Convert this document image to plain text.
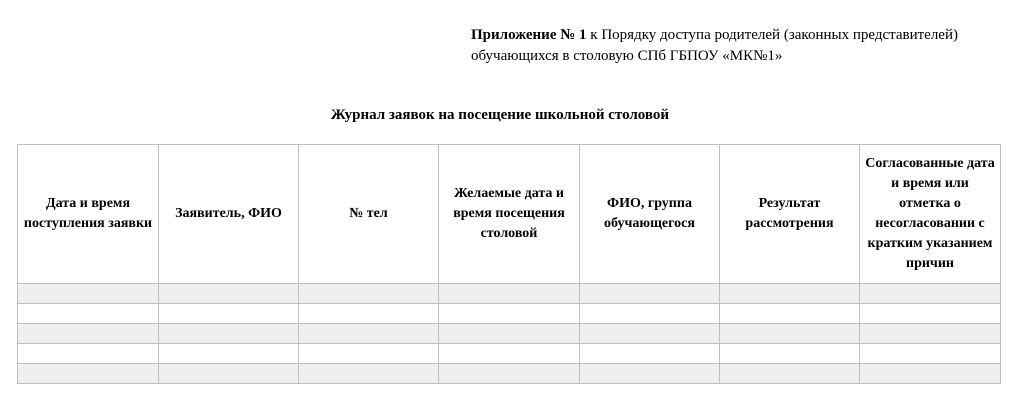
Приложение № 1 к Порядку доступа родителей (законных представителей)
обучающихся в столовую СПб ГБПОУ «МК№1»
Журнал заявок на посещение школьной столовой
Дата и время поступления заявки	Заявитель, ФИО	№ тел	Желаемые дата и время посещения столовой	ФИО, группа обучающегося	Результат рассмотрения	Согласованные дата и время или отметка о несогласовании с кратким указанием причин
